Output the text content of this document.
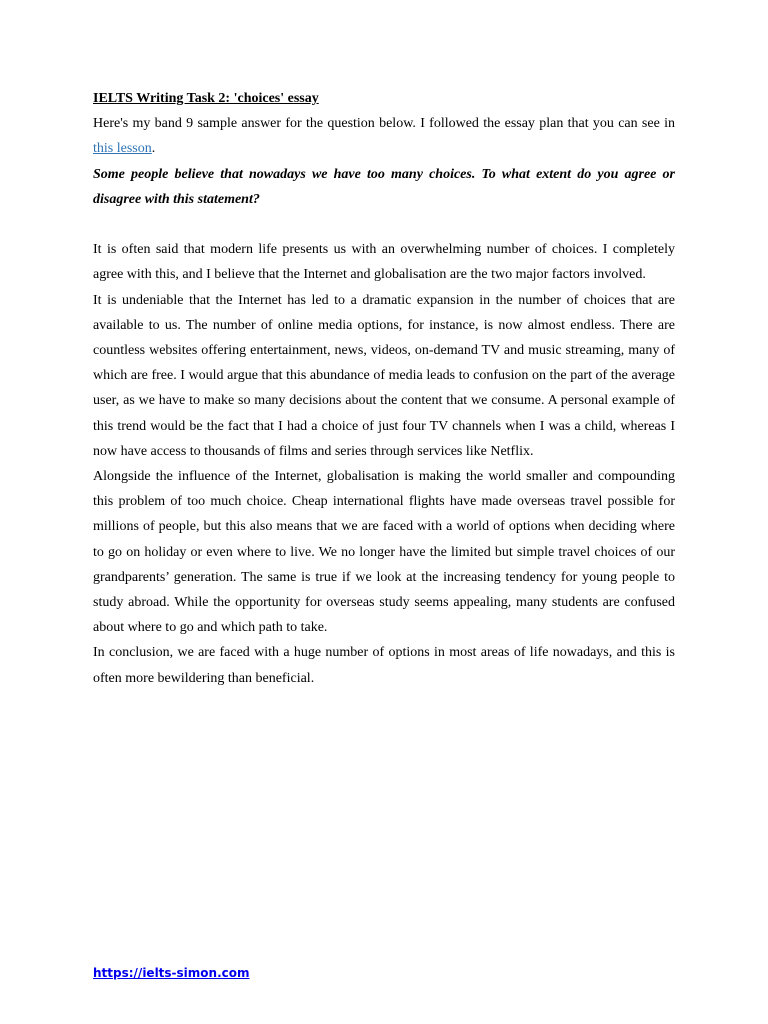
IELTS Writing Task 2: 'choices' essay

Here's my band 9 sample answer for the question below. I followed the essay plan that you can see in this lesson.

Some people believe that nowadays we have too many choices. To what extent do you agree or disagree with this statement?

It is often said that modern life presents us with an overwhelming number of choices. I completely agree with this, and I believe that the Internet and globalisation are the two major factors involved.

It is undeniable that the Internet has led to a dramatic expansion in the number of choices that are available to us. The number of online media options, for instance, is now almost endless. There are countless websites offering entertainment, news, videos, on-demand TV and music streaming, many of which are free. I would argue that this abundance of media leads to confusion on the part of the average user, as we have to make so many decisions about the content that we consume. A personal example of this trend would be the fact that I had a choice of just four TV channels when I was a child, whereas I now have access to thousands of films and series through services like Netflix.

Alongside the influence of the Internet, globalisation is making the world smaller and compounding this problem of too much choice. Cheap international flights have made overseas travel possible for millions of people, but this also means that we are faced with a world of options when deciding where to go on holiday or even where to live. We no longer have the limited but simple travel choices of our grandparents’ generation. The same is true if we look at the increasing tendency for young people to study abroad. While the opportunity for overseas study seems appealing, many students are confused about where to go and which path to take.

In conclusion, we are faced with a huge number of options in most areas of life nowadays, and this is often more bewildering than beneficial.

https://ielts-simon.com
